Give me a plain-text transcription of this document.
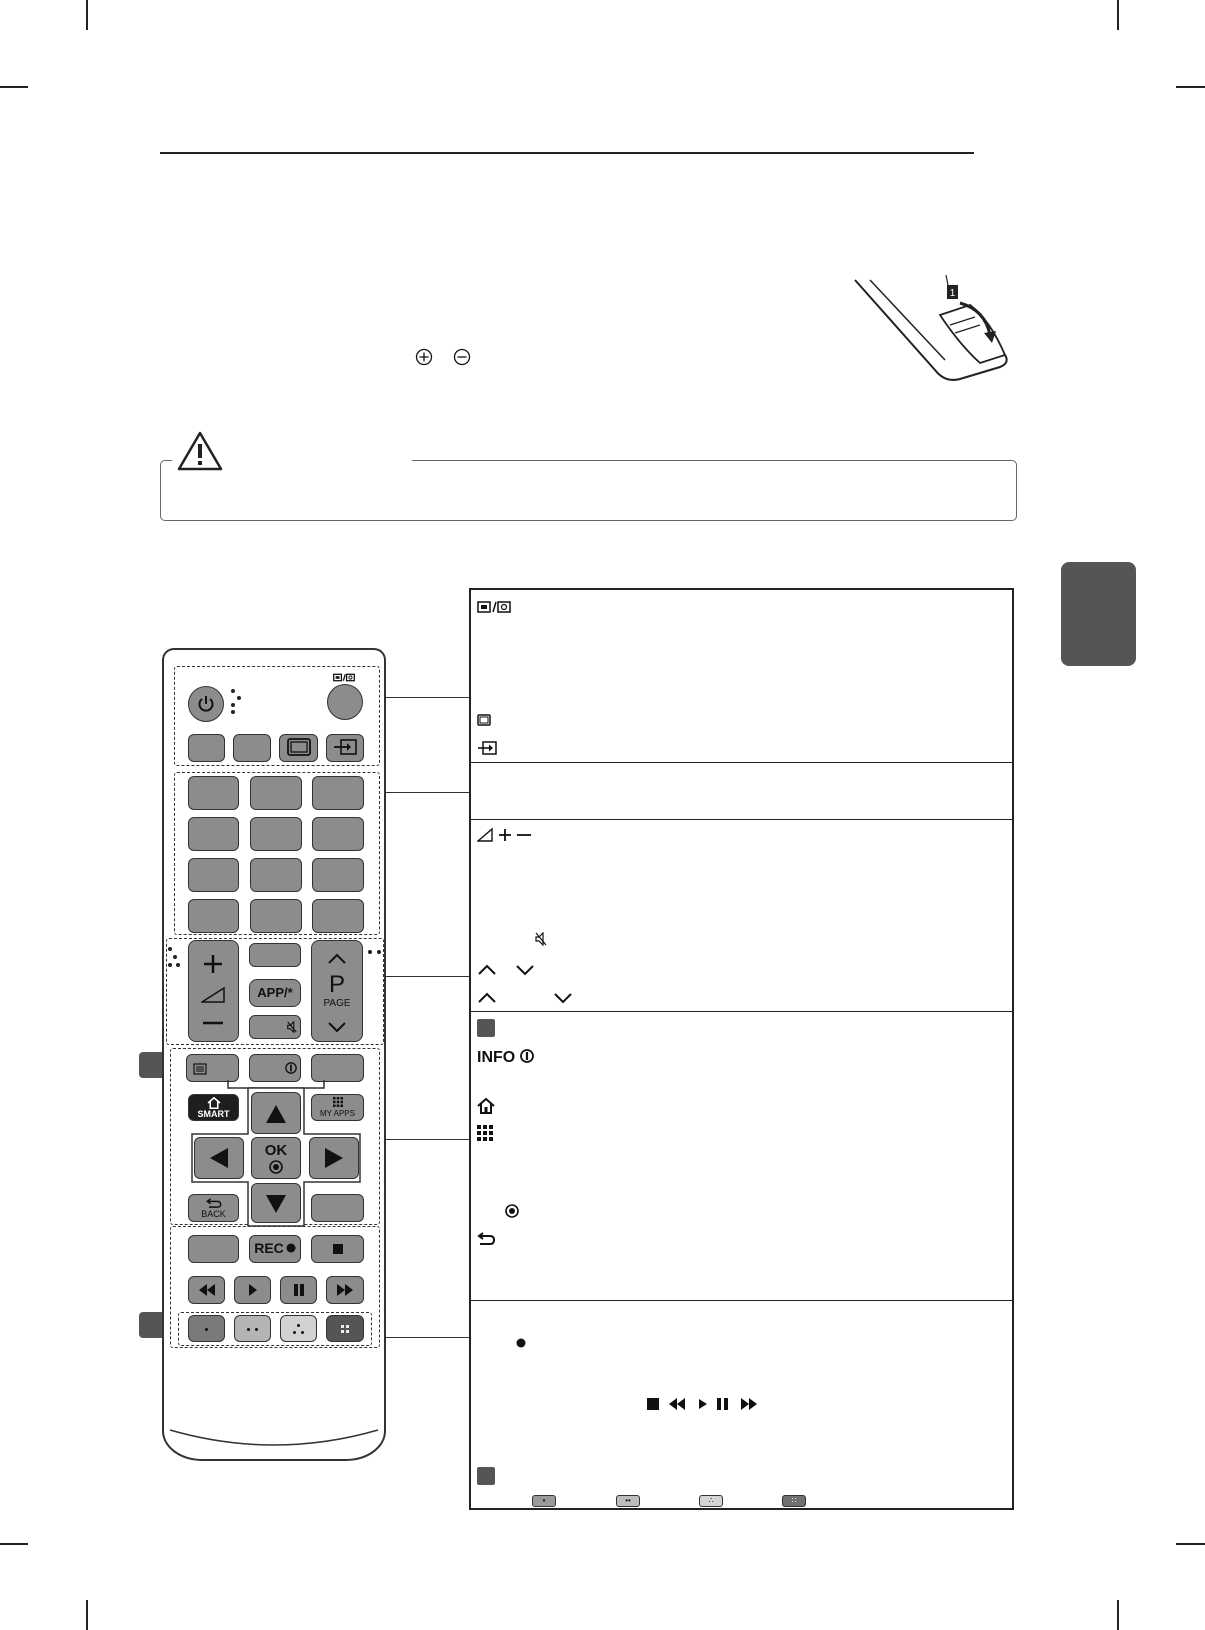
1
INFO
•	••	∴	∷
APP/*	P
PAGE
SMART	MY APPS
OK
BACK
REC
